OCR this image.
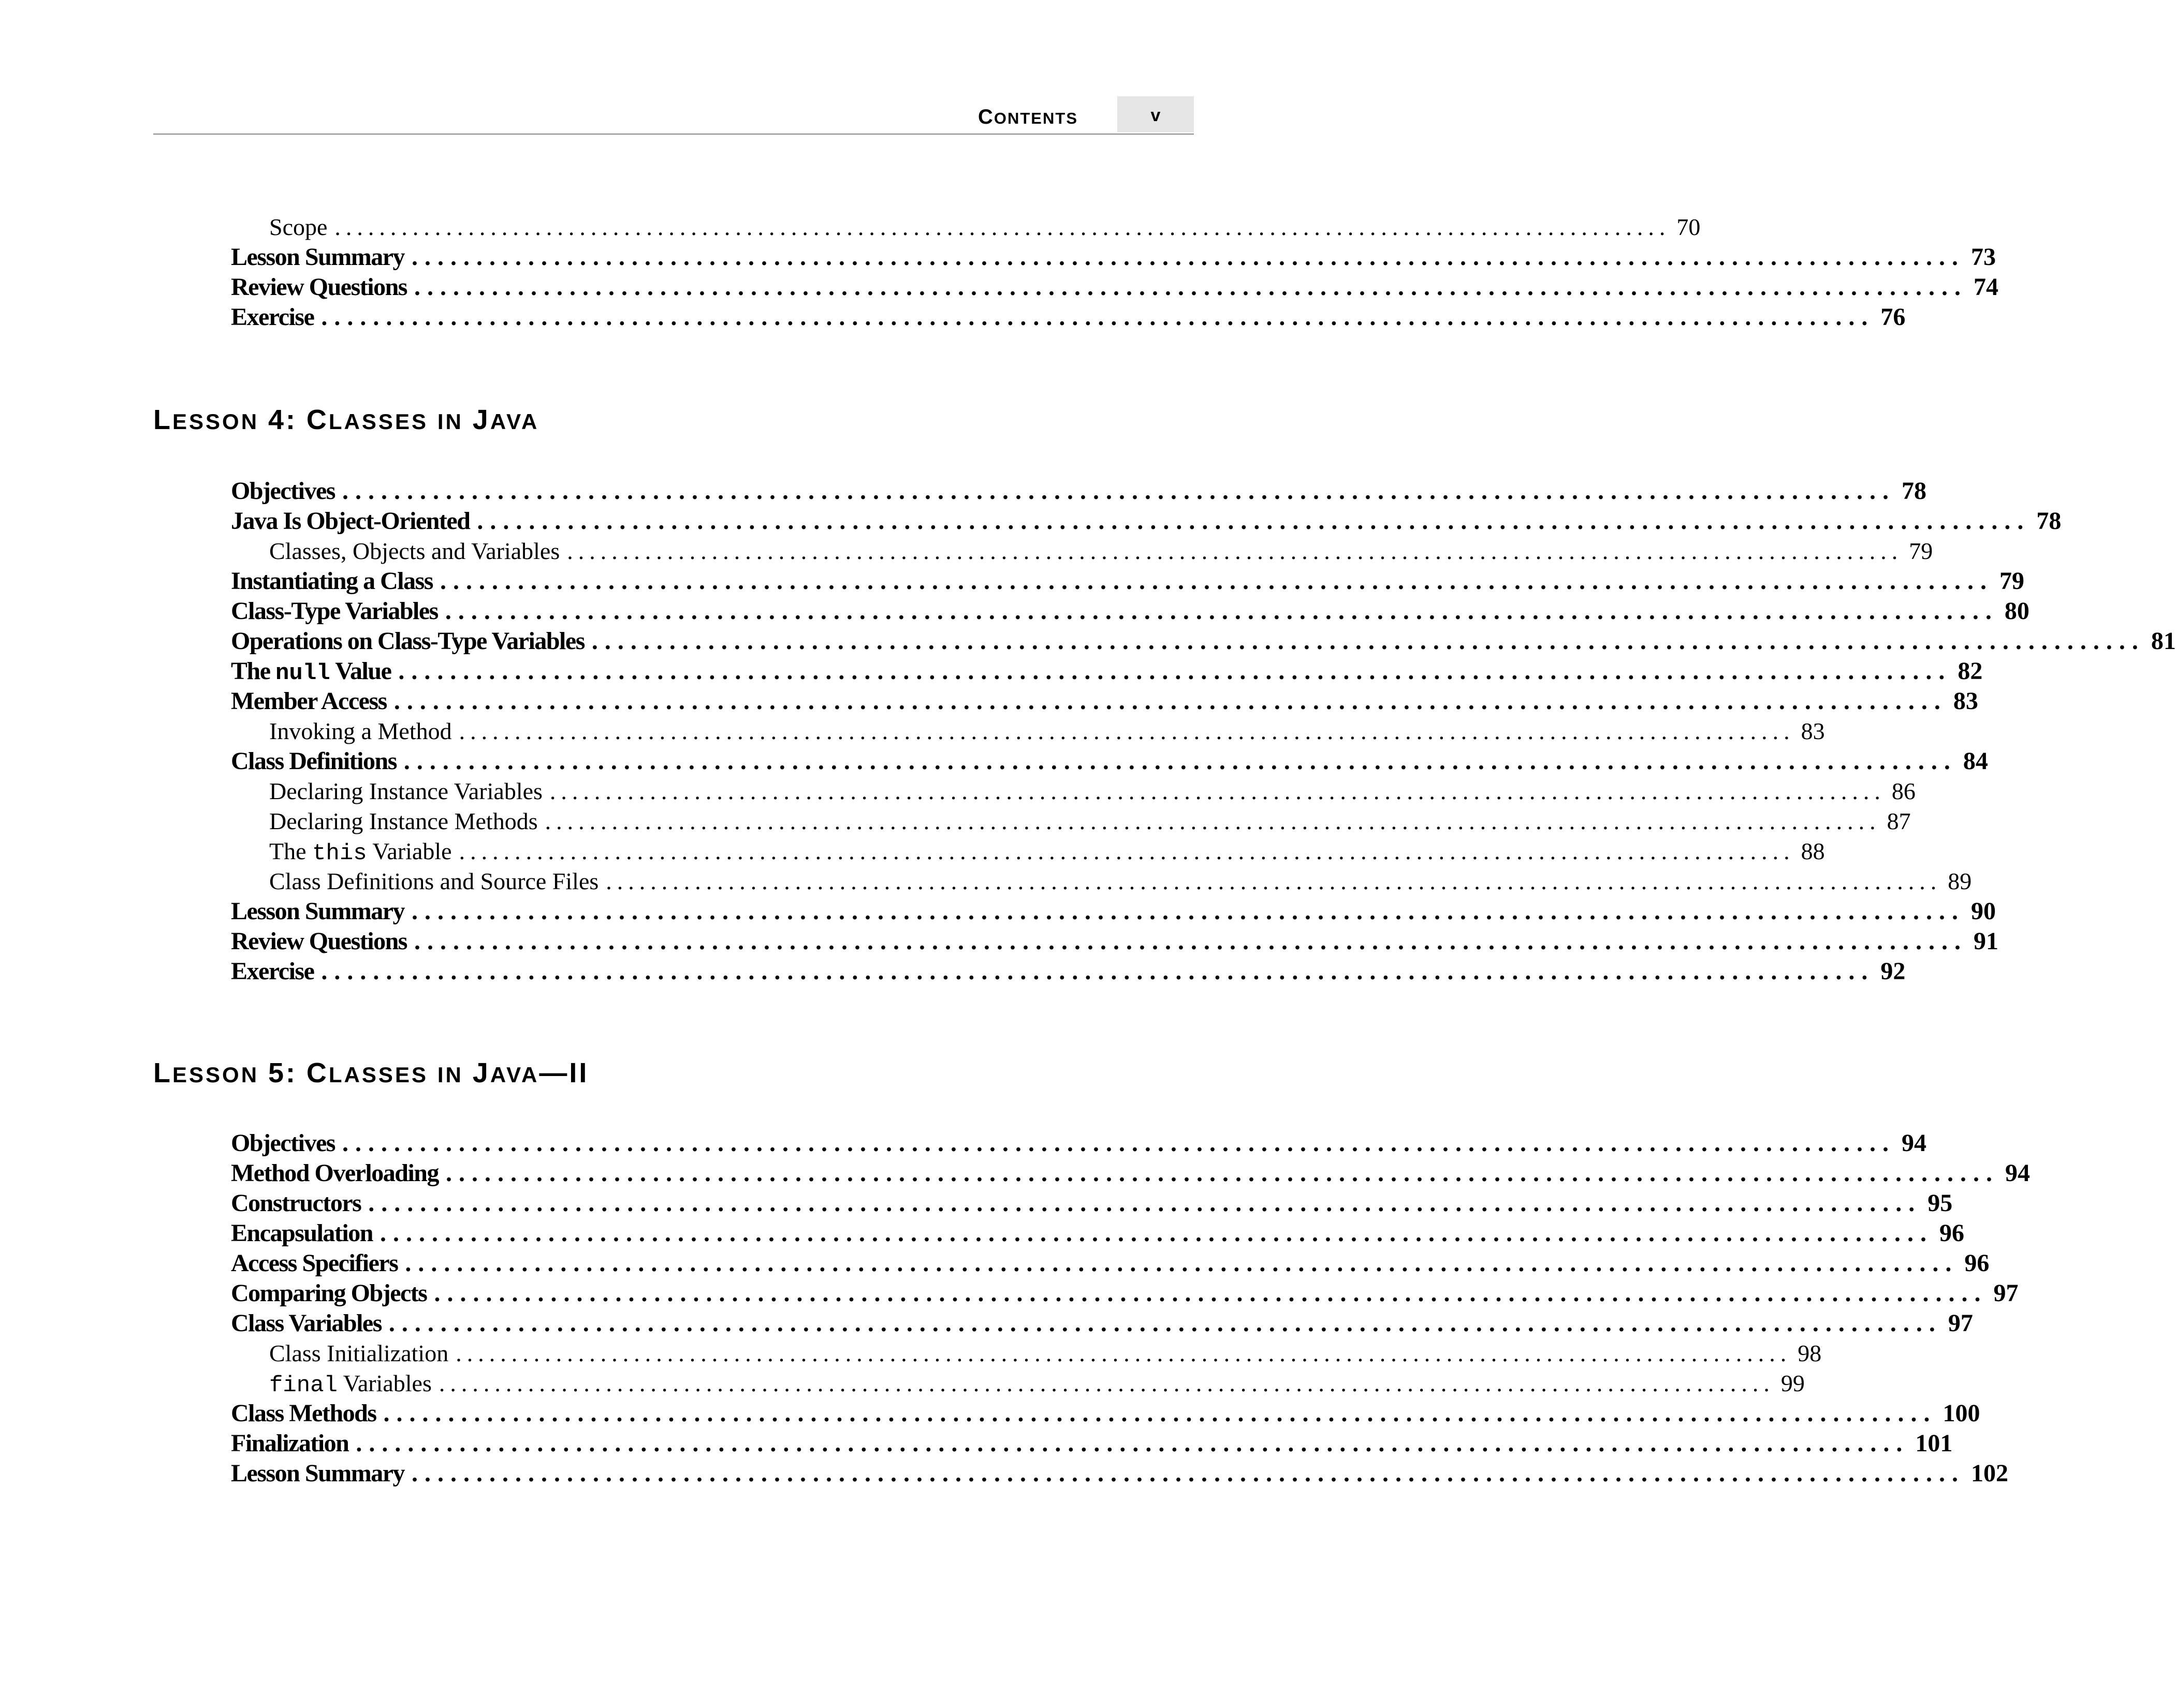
CONTENTS	v
Scope ........................................................................................................................ 70
Lesson Summary ........................................................................................................................ 73
Review Questions ........................................................................................................................ 74
Exercise ........................................................................................................................ 76
LESSON 4: CLASSES IN JAVA
Objectives ........................................................................................................................ 78
Java Is Object-Oriented ........................................................................................................................ 78
Classes, Objects and Variables ........................................................................................................................ 79
Instantiating a Class ........................................................................................................................ 79
Class-Type Variables ........................................................................................................................ 80
Operations on Class-Type Variables ........................................................................................................................ 81
The null Value ........................................................................................................................ 82
Member Access ........................................................................................................................ 83
Invoking a Method ........................................................................................................................ 83
Class Definitions ........................................................................................................................ 84
Declaring Instance Variables ........................................................................................................................ 86
Declaring Instance Methods ........................................................................................................................ 87
The this Variable ........................................................................................................................ 88
Class Definitions and Source Files ........................................................................................................................ 89
Lesson Summary ........................................................................................................................ 90
Review Questions ........................................................................................................................ 91
Exercise ........................................................................................................................ 92
LESSON 5: CLASSES IN JAVA—II
Objectives ........................................................................................................................ 94
Method Overloading ........................................................................................................................ 94
Constructors ........................................................................................................................ 95
Encapsulation ........................................................................................................................ 96
Access Specifiers ........................................................................................................................ 96
Comparing Objects ........................................................................................................................ 97
Class Variables ........................................................................................................................ 97
Class Initialization ........................................................................................................................ 98
final Variables ........................................................................................................................ 99
Class Methods ........................................................................................................................ 100
Finalization ........................................................................................................................ 101
Lesson Summary ........................................................................................................................ 102
